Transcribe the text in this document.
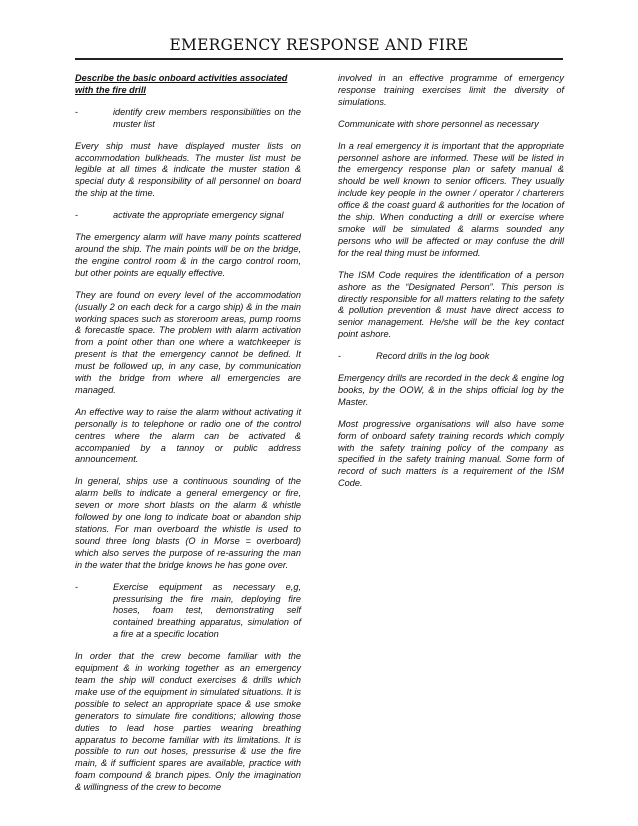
EMERGENCY RESPONSE AND FIRE

Describe the basic onboard activities associated with the fire drill

-	identify crew members responsibilities on the muster list

Every ship must have displayed muster lists on accommodation bulkheads. The muster list must be legible at all times & indicate the muster station & special duty & responsibility of all personnel on board the ship at the time.

-	activate the appropriate emergency signal

The emergency alarm will have many points scattered around the ship. The main points will be on the bridge, the engine control room & in the cargo control room, but other points are equally effective.

They are found on every level of the accommodation (usually 2 on each deck for a cargo ship) & in the main working spaces such as storeroom areas, pump rooms & forecastle space. The problem with alarm activation from a point other than one where a watchkeeper is present is that the emergency cannot be defined. It must be followed up, in any case, by communication with the bridge from where all emergencies are managed.

An effective way to raise the alarm without activating it personally is to telephone or radio one of the control centres where the alarm can be activated & accompanied by a tannoy or public address announcement.

In general, ships use a continuous sounding of the alarm bells to indicate a general emergency or fire, seven or more short blasts on the alarm & whistle followed by one long to indicate boat or abandon ship stations. For man overboard the whistle is used to sound three long blasts (O in Morse = overboard) which also serves the purpose of re-assuring the man in the water that the bridge knows he has gone over.

-	Exercise equipment as necessary e,g, pressurising the fire main, deploying fire hoses, foam test, demonstrating self contained breathing apparatus, simulation of a fire at a specific location

In order that the crew become familiar with the equipment & in working together as an emergency team the ship will conduct exercises & drills which make use of the equipment in simulated situations. It is possible to select an appropriate space & use smoke generators to simulate fire conditions; allowing those duties to lead hose parties wearing breathing apparatus to become familiar with its limitations. It is possible to run out hoses, pressurise & use the fire main, & if sufficient spares are available, practice with foam compound & branch pipes. Only the imagination & willingness of the crew to become

involved in an effective programme of emergency response training exercises limit the diversity of simulations.

Communicate with shore personnel as necessary

In a real emergency it is important that the appropriate personnel ashore are informed. These will be listed in the emergency response plan or safety manual & should be well known to senior officers. They usually include key people in the owner / operator / charterers office & the coast guard & authorities for the location of the ship. When conducting a drill or exercise where smoke will be simulated & alarms sounded any persons who will be affected or may confuse the drill for the real thing must be informed.

The ISM Code requires the identification of a person ashore as the “Designated Person”. This person is directly responsible for all matters relating to the safety & pollution prevention & must have direct access to senior management. He/she will be the key contact point ashore.

-	Record drills in the log book

Emergency drills are recorded in the deck & engine log books, by the OOW, & in the ships official log by the Master.

Most progressive organisations will also have some form of onboard safety training records which comply with the safety training policy of the company as specified in the safety training manual. Some form of record of such matters is a requirement of the ISM Code.
